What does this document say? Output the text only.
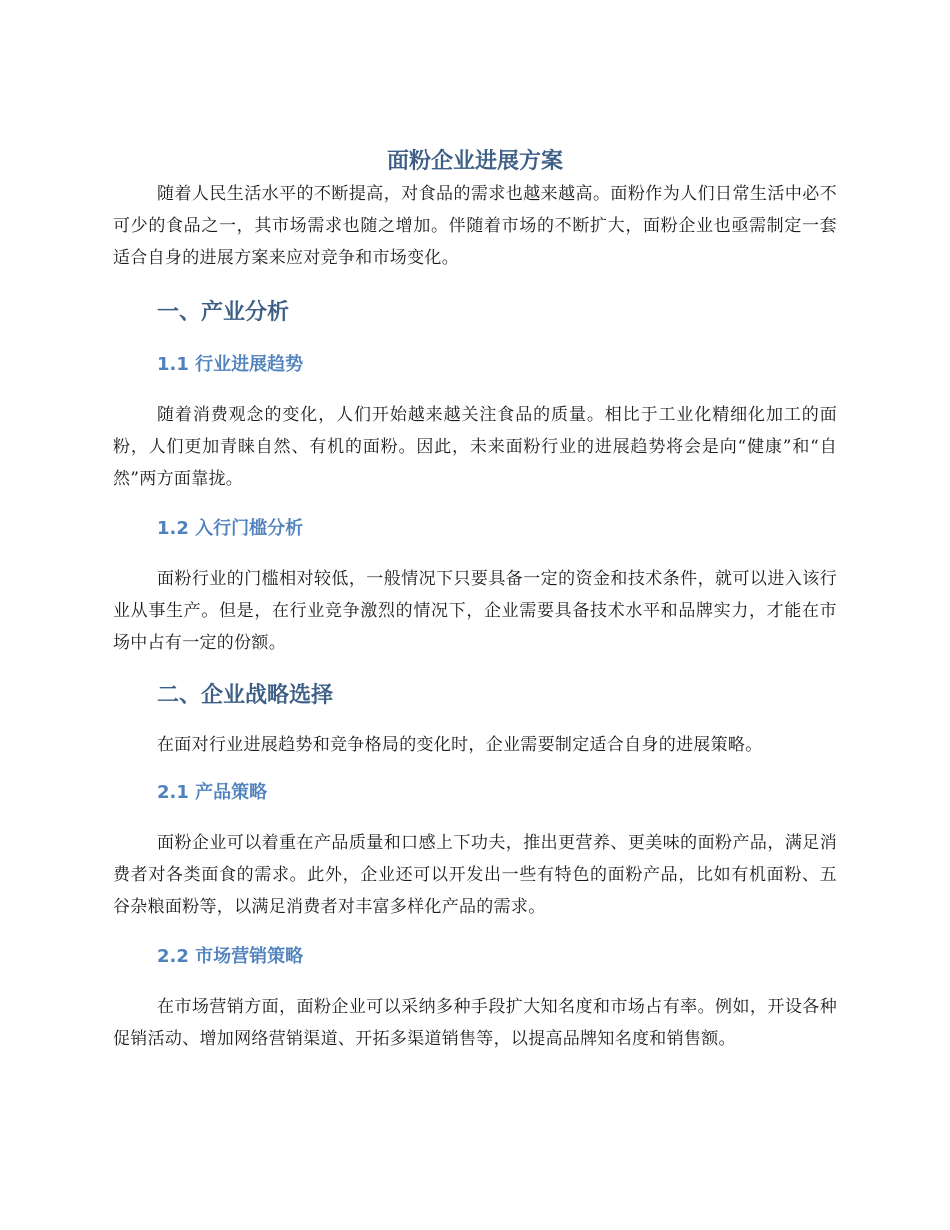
面粉企业进展方案

随着人民生活水平的不断提高，对食品的需求也越来越高。面粉作为人们日常生活中必不可少的食品之一，其市场需求也随之增加。伴随着市场的不断扩大，面粉企业也亟需制定一套适合自身的进展方案来应对竞争和市场变化。

一、产业分析
1.1 行业进展趋势

随着消费观念的变化，人们开始越来越关注食品的质量。相比于工业化精细化加工的面粉，人们更加青睐自然、有机的面粉。因此，未来面粉行业的进展趋势将会是向“健康”和“自然”两方面靠拢。

1.2 入行门槛分析

面粉行业的门槛相对较低，一般情况下只要具备一定的资金和技术条件，就可以进入该行业从事生产。但是，在行业竞争激烈的情况下，企业需要具备技术水平和品牌实力，才能在市场中占有一定的份额。

二、企业战略选择

在面对行业进展趋势和竞争格局的变化时，企业需要制定适合自身的进展策略。

2.1 产品策略

面粉企业可以着重在产品质量和口感上下功夫，推出更营养、更美味的面粉产品，满足消费者对各类面食的需求。此外，企业还可以开发出一些有特色的面粉产品，比如有机面粉、五谷杂粮面粉等，以满足消费者对丰富多样化产品的需求。

2.2 市场营销策略

在市场营销方面，面粉企业可以采纳多种手段扩大知名度和市场占有率。例如，开设各种促销活动、增加网络营销渠道、开拓多渠道销售等，以提高品牌知名度和销售额。
